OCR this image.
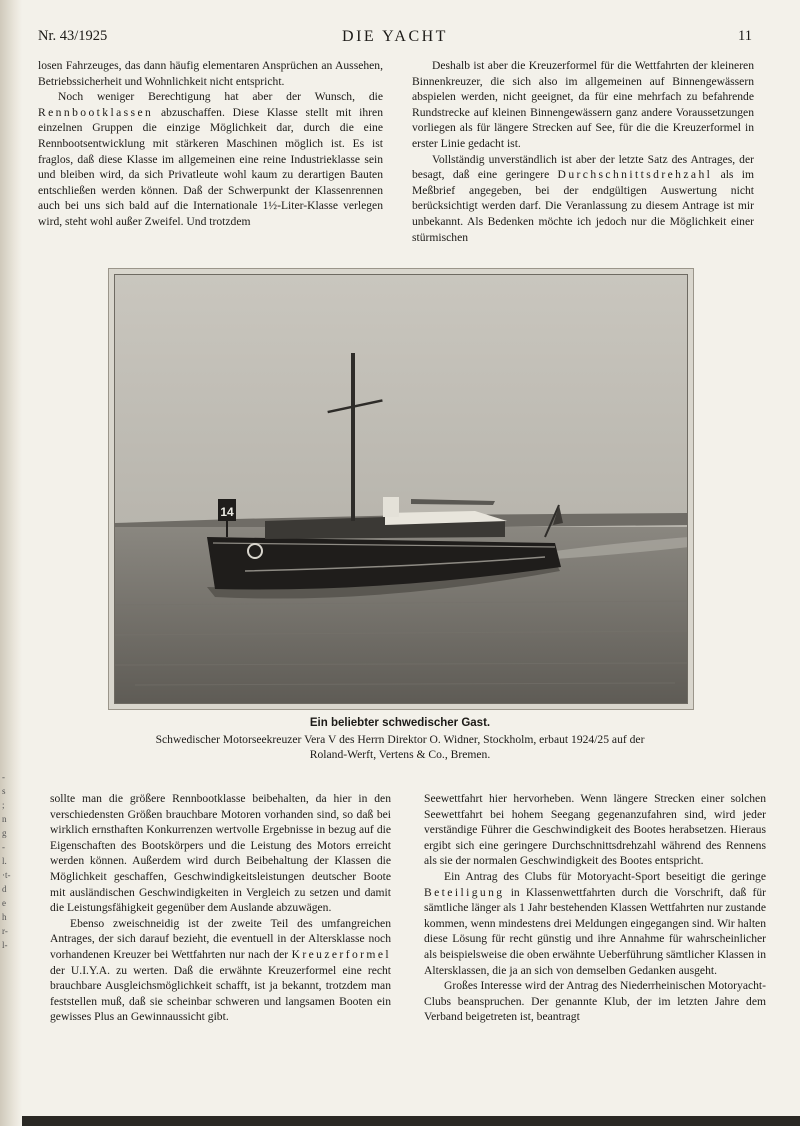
-
s
;
n
g
-
l.
·t-
d
e
h
r-
l-
Nr. 43/1925	DIE YACHT	11

losen Fahrzeuges, das dann häufig elementaren Ansprüchen an Aussehen, Betriebssicherheit und Wohnlichkeit nicht entspricht.

Noch weniger Berechtigung hat aber der Wunsch, die Rennbootklassen abzuschaffen. Diese Klasse stellt mit ihren einzelnen Gruppen die einzige Möglichkeit dar, durch die eine Rennbootsentwicklung mit stärkeren Maschinen möglich ist. Es ist fraglos, daß diese Klasse im allgemeinen eine reine Industrieklasse sein und bleiben wird, da sich Privatleute wohl kaum zu derartigen Bauten entschließen werden können. Daß der Schwerpunkt der Klassenrennen auch bei uns sich bald auf die Internationale 1½-Liter-Klasse verlegen wird, steht wohl außer Zweifel. Und trotzdem

Deshalb ist aber die Kreuzerformel für die Wettfahrten der kleineren Binnenkreuzer, die sich also im allgemeinen auf Binnengewässern abspielen werden, nicht geeignet, da für eine mehrfach zu befahrende Rundstrecke auf kleinen Binnengewässern ganz andere Voraussetzungen vorliegen als für längere Strecken auf See, für die die Kreuzerformel in erster Linie gedacht ist.

Vollständig unverständlich ist aber der letzte Satz des Antrages, der besagt, daß eine geringere Durchschnittsdrehzahl als im Meßbrief angegeben, bei der endgültigen Auswertung nicht berücksichtigt werden darf. Die Veranlassung zu diesem Antrage ist mir unbekannt. Als Bedenken möchte ich jedoch nur die Möglichkeit einer stürmischen

14
Ein beliebter schwedischer Gast.
Schwedischer Motorseekreuzer Vera V des Herrn Direktor O. Widner, Stockholm, erbaut 1924/25 auf der
Roland-Werft, Vertens & Co., Bremen.

sollte man die größere Rennbootklasse beibehalten, da hier in den verschiedensten Größen brauchbare Motoren vorhanden sind, so daß bei wirklich ernsthaften Konkurrenzen wertvolle Ergebnisse in bezug auf die Eigenschaften des Bootskörpers und die Leistung des Motors erreicht werden können. Außerdem wird durch Beibehaltung der Klassen die Möglichkeit geschaffen, Geschwindigkeitsleistungen deutscher Boote mit ausländischen Geschwindigkeiten in Vergleich zu setzen und damit die Leistungsfähigkeit gegenüber dem Auslande abzuwägen.

Ebenso zweischneidig ist der zweite Teil des umfangreichen Antrages, der sich darauf bezieht, die eventuell in der Altersklasse noch vorhandenen Kreuzer bei Wettfahrten nur nach der Kreuzerformel der U.I.Y.A. zu werten. Daß die erwähnte Kreuzerformel eine recht brauchbare Ausgleichsmöglichkeit schafft, ist ja bekannt, trotzdem man feststellen muß, daß sie scheinbar schweren und langsamen Booten ein gewisses Plus an Gewinnaussicht gibt.

Seewettfahrt hier hervorheben. Wenn längere Strecken einer solchen Seewettfahrt bei hohem Seegang gegenanzufahren sind, wird jeder verständige Führer die Geschwindigkeit des Bootes herabsetzen. Hieraus ergibt sich eine geringere Durchschnittsdrehzahl während des Rennens als sie der normalen Geschwindigkeit des Bootes entspricht.

Ein Antrag des Clubs für Motoryacht-Sport beseitigt die geringe Beteiligung in Klassenwettfahrten durch die Vorschrift, daß für sämtliche länger als 1 Jahr bestehenden Klassen Wettfahrten nur zustande kommen, wenn mindestens drei Meldungen eingegangen sind. Wir halten diese Lösung für recht günstig und ihre Annahme für wahrscheinlicher als beispielsweise die oben erwähnte Ueberführung sämtlicher Klassen in Altersklassen, die ja an sich von demselben Gedanken ausgeht.

Großes Interesse wird der Antrag des Niederrheinischen Motoryacht-Clubs beanspruchen. Der genannte Klub, der im letzten Jahre dem Verband beigetreten ist, beantragt
